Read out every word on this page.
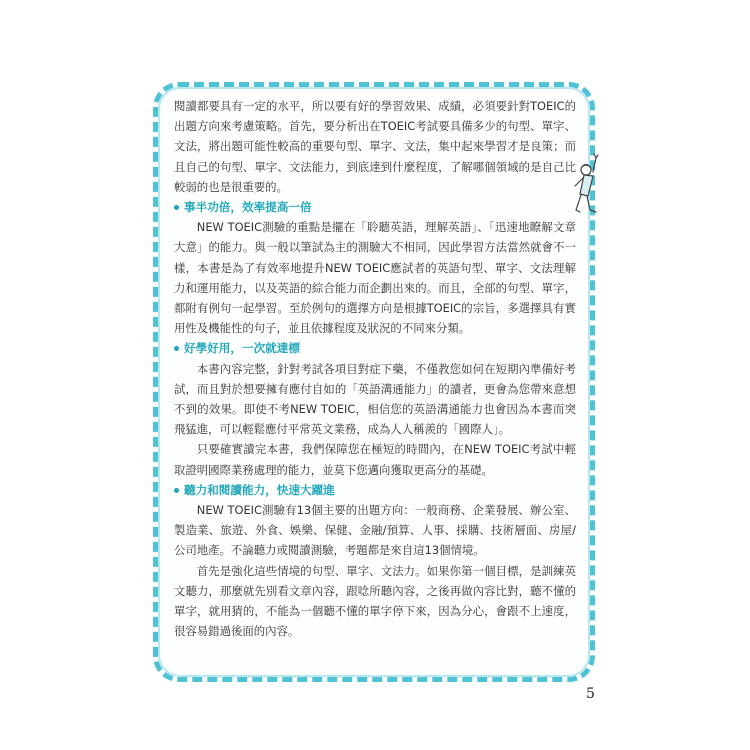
閱讀都要具有一定的水平，所以要有好的學習效果、成績，必須要針對TOEIC的出題方向來考慮策略。首先，要分析出在TOEIC考試要具備多少的句型、單字、文法，將出題可能性較高的重要句型、單字、文法，集中起來學習才是良策；而且自己的句型、單字、文法能力，到底達到什麼程度，了解哪個領域的是自己比較弱的也是很重要的。

事半功倍，效率提高一倍

NEW TOEIC測驗的重點是擺在「聆聽英語，理解英語」、「迅速地瞭解文章大意」的能力。與一般以筆試為主的測驗大不相同，因此學習方法當然就會不一樣，本書是為了有效率地提升NEW TOEIC應試者的英語句型、單字、文法理解力和運用能力，以及英語的綜合能力而企劃出來的。而且，全部的句型、單字，都附有例句一起學習。至於例句的選擇方向是根據TOEIC的宗旨，多選擇具有實用性及機能性的句子，並且依據程度及狀況的不同來分類。

好學好用，一次就達標

本書內容完整，針對考試各項目對症下藥，不僅教您如何在短期內準備好考試，而且對於想要擁有應付自如的「英語溝通能力」的讀者，更會為您帶來意想不到的效果。即使不考NEW TOEIC，相信您的英語溝通能力也會因為本書而突飛猛進，可以輕鬆應付平常英文業務，成為人人稱羨的「國際人」。

只要確實讀完本書，我們保障您在極短的時間內，在NEW TOEIC考試中輕取證明國際業務處理的能力，並莫下您邁向獲取更高分的基礎。

聽力和閱讀能力，快速大躍進

NEW TOEIC測驗有13個主要的出題方向：一般商務、企業發展、辦公室、製造業、旅遊、外食、娛樂、保健、金融/預算、人事、採購、技術層面、房屋/公司地產。不論聽力或閱讀測驗，考題都是來自這13個情境。

首先是強化這些情境的句型、單字、文法力。如果你第一個目標，是訓練英文聽力，那麼就先別看文章內容，跟唸所聽內容，之後再做內容比對，聽不懂的單字，就用猜的，不能為一個聽不懂的單字停下來，因為分心，會跟不上速度，很容易錯過後面的內容。

5
